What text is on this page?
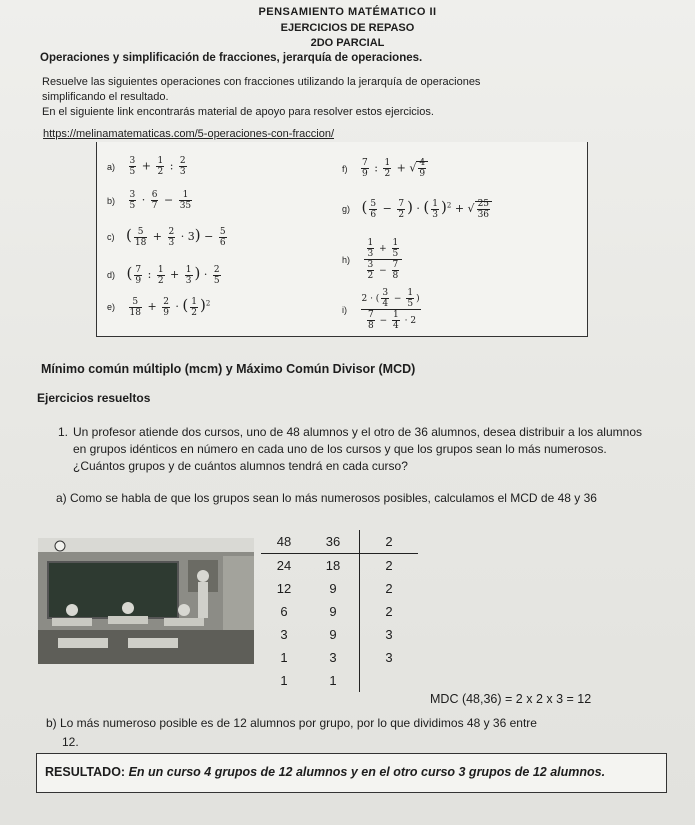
PENSAMIENTO MATÉMATICO II
EJERCICIOS DE REPASO
2DO PARCIAL
Operaciones y simplificación de fracciones, jerarquía de operaciones.
Resuelve las siguientes operaciones con fracciones utilizando la jerarquía de operaciones
simplificando el resultado.
En el siguiente link encontrarás material de apoyo para resolver estos ejercicios.
https://melinamatematicas.com/5-operaciones-con-fraccion/
$a) \frac{3}{5} + \frac{1}{2}$ : $\frac{2}{3}$
$b) \frac{3}{5} \cdot \frac{6}{7} - \frac{1}{35}$
c) ( $\frac{5}{18} + \frac{2}{3} \cdot 3) - \frac{5}{6}$
d) ( $\frac{7}{9}$ : $\frac{1}{2} + \frac{1}{3}$ ) · $\frac{2}{5}$
$e) \frac{5}{18} + \frac{2}{9}$ · ( $\frac{1}{2} )^2$
$f) \frac{7}{9}$ : $\frac{1}{2}$ + √ $\frac{4}{9}$
g) ( $\frac{5}{6} - \frac{7}{2}$ ) · ( $\frac{1}{3} )^2$ + √ $\frac{25}{36}$
$h) \frac{\frac{1}{3} + \frac{1}{5}}{\frac{3}{2} - \frac{7}{8}}$
$i) \frac{2 \cdot ( \frac{3}{4} - \frac{1}{5} )}{\frac{7}{8} - \frac{1}{4} \cdot 2}$
Mínimo común múltiplo (mcm) y Máximo Común Divisor (MCD)
Ejercicios resueltos
1. Un profesor atiende dos cursos, uno de 48 alumnos y el otro de 36 alumnos, desea distribuir a los alumnos en grupos idénticos en número en cada uno de los cursos y que los grupos sean lo más numerosos. ¿Cuántos grupos y de cuántos alumnos tendrá en cada curso?
a) Como se habla de que los grupos sean lo más numerosos posibles, calculamos el MCD de 48 y 36
48	36	2
24	18	2
12	9	2
6	9	2
3	9	3
1	3	3
1	1	
MDC (48,36) = 2 x 2 x 3 = 12
b) Lo más numeroso posible es de 12 alumnos por grupo, por lo que dividimos 48 y 36 entre
12.
RESULTADO: En un curso 4 grupos de 12 alumnos y en el otro curso 3 grupos de 12 alumnos.
